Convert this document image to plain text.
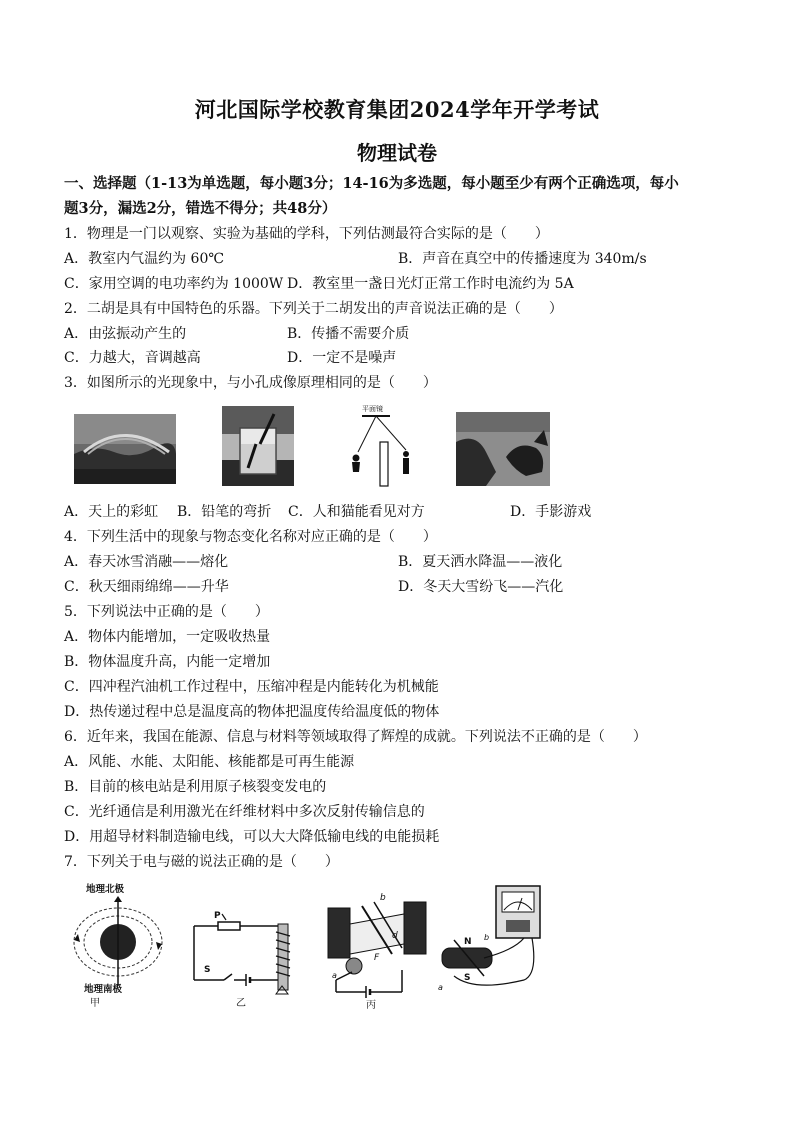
河北国际学校教育集团2024学年开学考试
物理试卷
一、选择题（1-13为单选题，每小题3分；14-16为多选题，每小题至少有两个正确选项，每小
题3分，漏选2分，错选不得分；共48分）
1．物理是一门以观察、实验为基础的学科，下列估测最符合实际的是（　　）
A．教室内气温约为 60℃	B．声音在真空中的传播速度为 340m/s
C．家用空调的电功率约为 1000W D．教室里一盏日光灯正常工作时电流约为 5A
2．二胡是具有中国特色的乐器。下列关于二胡发出的声音说法正确的是（　　）
A．由弦振动产生的	B．传播不需要介质
C．力越大，音调越高	D．一定不是噪声
3．如图所示的光现象中，与小孔成像原理相同的是（　　）
平面镜
A．天上的彩虹 B．铅笔的弯折 C．人和猫能看见对方	D．手影游戏
4．下列生活中的现象与物态变化名称对应正确的是（　　）
A．春天冰雪消融——熔化	B．夏天洒水降温——液化
C．秋天细雨绵绵——升华	D．冬天大雪纷飞——汽化
5．下列说法中正确的是（　　）
A．物体内能增加，一定吸收热量
B．物体温度升高，内能一定增加
C．四冲程汽油机工作过程中，压缩冲程是内能转化为机械能
D．热传递过程中总是温度高的物体把温度传给温度低的物体
6．近年来，我国在能源、信息与材料等领域取得了辉煌的成就。下列说法不正确的是（　　）
A．风能、水能、太阳能、核能都是可再生能源
B．目前的核电站是利用原子核裂变发电的
C．光纤通信是利用激光在纤维材料中多次反射传输信息的
D．用超导材料制造输电线，可以大大降低输电线的电能损耗
7．下列关于电与磁的说法正确的是（　　）
地理北极
地理南极
甲
P
S
乙
b
d
F
a
丙
N
S
a
b
